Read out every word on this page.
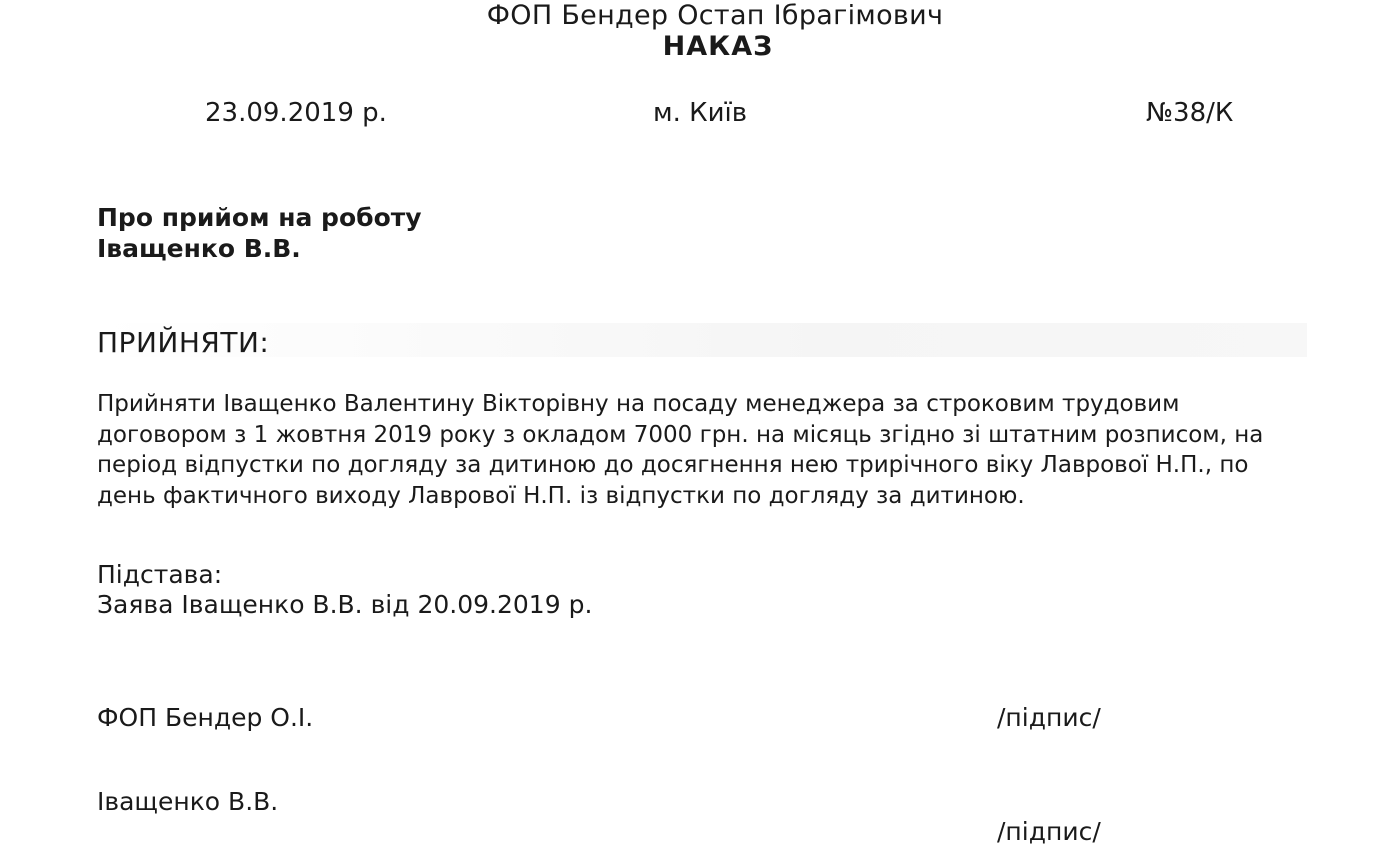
ФОП Бендер Остап Ібрагімович
НАКАЗ
23.09.2019 р.	м. Київ	№38/К
Про прийом на роботу
Іващенко В.В.
ПРИЙНЯТИ:
Прийняти Іващенко Валентину Вікторівну на посаду менеджера за строковим трудовим договором з 1 жовтня 2019 року з окладом 7000 грн. на місяць згідно зі штатним розписом, на період відпустки по догляду за дитиною до досягнення нею трирічного віку Лаврової Н.П., по день фактичного виходу Лаврової Н.П. із відпустки по догляду за дитиною.
Підстава:
Заява Іващенко В.В. від 20.09.2019 р.
ФОП Бендер О.І.	/підпис/
Іващенко В.В.
/підпис/
